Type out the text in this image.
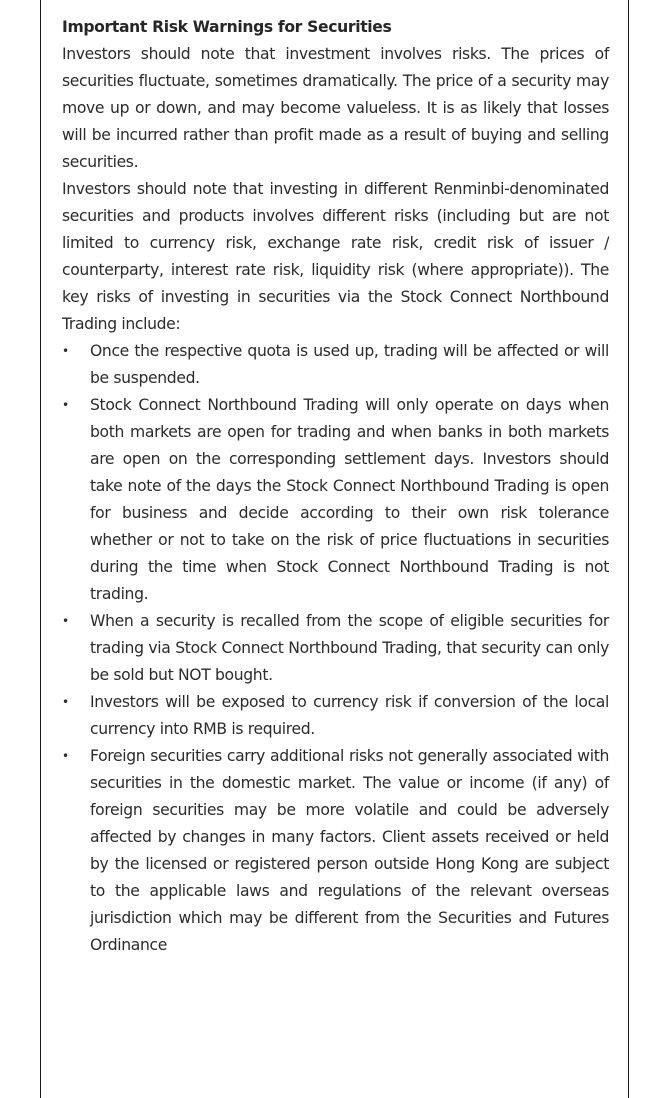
Important Risk Warnings for Securities

Investors should note that investment involves risks. The prices of securities fluctuate, sometimes dramatically. The price of a security may move up or down, and may become valueless. It is as likely that losses will be incurred rather than profit made as a result of buying and selling securities.

Investors should note that investing in different Renminbi-denominated securities and products involves different risks (including but are not limited to currency risk, exchange rate risk, credit risk of issuer / counterparty, interest rate risk, liquidity risk (where appropriate)). The key risks of investing in securities via the Stock Connect Northbound Trading include:

• Once the respective quota is used up, trading will be affected or will be suspended.
• Stock Connect Northbound Trading will only operate on days when both markets are open for trading and when banks in both markets are open on the corresponding settlement days. Investors should take note of the days the Stock Connect Northbound Trading is open for business and decide according to their own risk tolerance whether or not to take on the risk of price fluctuations in securities during the time when Stock Connect Northbound Trading is not trading.
• When a security is recalled from the scope of eligible securities for trading via Stock Connect Northbound Trading, that security can only be sold but NOT bought.
• Investors will be exposed to currency risk if conversion of the local currency into RMB is required.
• Foreign securities carry additional risks not generally associated with securities in the domestic market. The value or income (if any) of foreign securities may be more volatile and could be adversely affected by changes in many factors. Client assets received or held by the licensed or registered person outside Hong Kong are subject to the applicable laws and regulations of the relevant overseas jurisdiction which may be different from the Securities and Futures Ordinance
